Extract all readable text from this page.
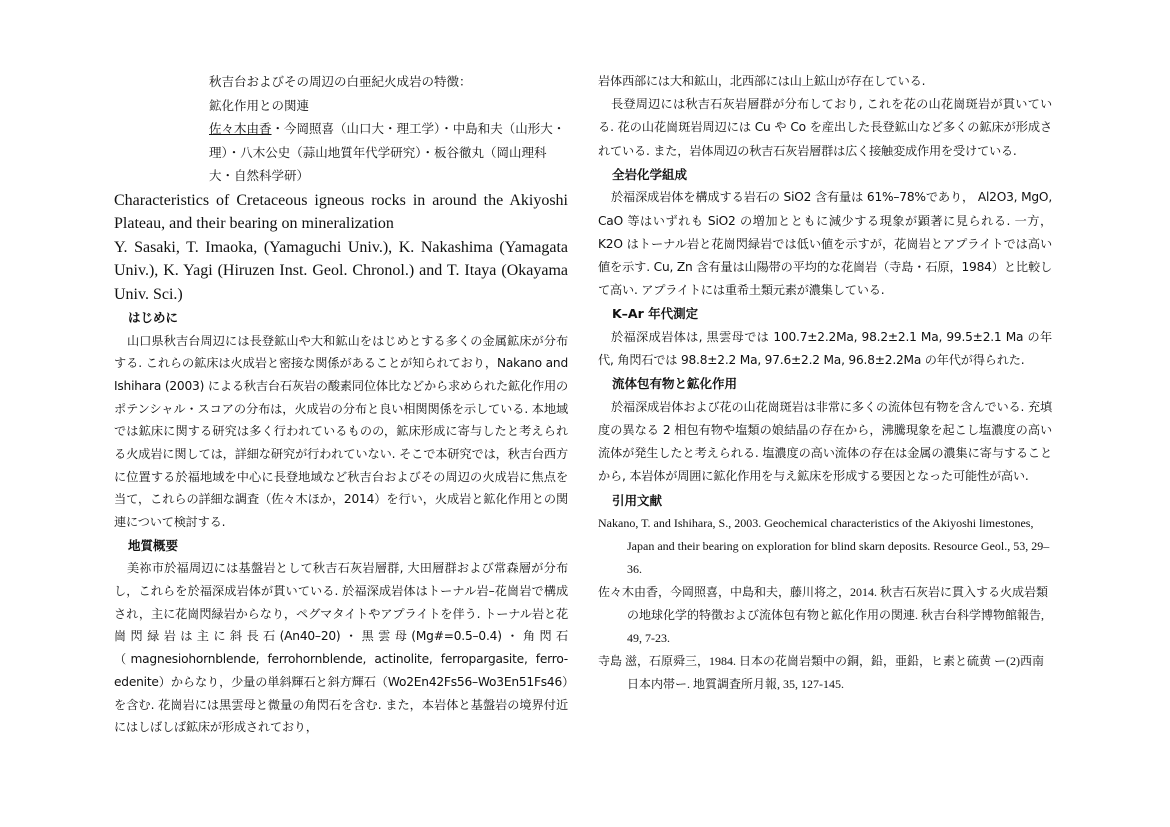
秋吉台およびその周辺の白亜紀火成岩の特徴：

鉱化作用との関連

佐々木由香・今岡照喜（山口大・理工学）・中島和夫（山形大・理）・八木公史（蒜山地質年代学研究）・板谷徹丸（岡山理科大・自然科学研）

Characteristics of Cretaceous igneous rocks in around the Akiyoshi Plateau, and their bearing on mineralization

Y. Sasaki, T. Imaoka, (Yamaguchi Univ.), K. Nakashima (Yamagata Univ.), K. Yagi (Hiruzen Inst. Geol. Chronol.) and T. Itaya (Okayama Univ. Sci.)

はじめに

山口県秋吉台周辺には長登鉱山や大和鉱山をはじめとする多くの金属鉱床が分布する. これらの鉱床は火成岩と密接な関係があることが知られており，Nakano and Ishihara (2003) による秋吉台石灰岩の酸素同位体比などから求められた鉱化作用のポテンシャル・スコアの分布は，火成岩の分布と良い相関関係を示している. 本地域では鉱床に関する研究は多く行われているものの，鉱床形成に寄与したと考えられる火成岩に関しては，詳細な研究が行われていない. そこで本研究では，秋吉台西方に位置する於福地域を中心に長登地域など秋吉台およびその周辺の火成岩に焦点を当て，これらの詳細な調査（佐々木ほか，2014）を行い，火成岩と鉱化作用との関連について検討する.

地質概要

美祢市於福周辺には基盤岩として秋吉石灰岩層群, 大田層群および常森層が分布し，これらを於福深成岩体が貫いている. 於福深成岩体はトーナル岩–花崗岩で構成され，主に花崗閃緑岩からなり，ペグマタイトやアプライトを伴う. トーナル岩と花崗閃緑岩は主に斜長石(An40–20)・黒雲母(Mg#=0.5–0.4)・角閃石（magnesiohornblende, ferrohornblende, actinolite, ferropargasite, ferro-edenite）からなり，少量の単斜輝石と斜方輝石（Wo2En42Fs56–Wo3En51Fs46）を含む. 花崗岩には黒雲母と微量の角閃石を含む. また，本岩体と基盤岩の境界付近にはしばしば鉱床が形成されており，

岩体西部には大和鉱山，北西部には山上鉱山が存在している.

長登周辺には秋吉石灰岩層群が分布しており, これを花の山花崗斑岩が貫いている. 花の山花崗斑岩周辺には Cu や Co を産出した長登鉱山など多くの鉱床が形成されている. また，岩体周辺の秋吉石灰岩層群は広く接触変成作用を受けている.

全岩化学組成

於福深成岩体を構成する岩石の SiO2 含有量は 61%–78%であり， Al2O3, MgO, CaO 等はいずれも SiO2 の増加とともに減少する現象が顕著に見られる. 一方，K2O はトーナル岩と花崗閃緑岩では低い値を示すが，花崗岩とアプライトでは高い値を示す. Cu, Zn 含有量は山陽帯の平均的な花崗岩（寺島・石原，1984）と比較して高い. アプライトには重希土類元素が濃集している.

K–Ar 年代測定

於福深成岩体は, 黒雲母では 100.7±2.2Ma, 98.2±2.1 Ma, 99.5±2.1 Ma の年代, 角閃石では 98.8±2.2 Ma, 97.6±2.2 Ma, 96.8±2.2Ma の年代が得られた.

流体包有物と鉱化作用

於福深成岩体および花の山花崗斑岩は非常に多くの流体包有物を含んでいる. 充填度の異なる 2 相包有物や塩類の娘結晶の存在から，沸騰現象を起こし塩濃度の高い流体が発生したと考えられる. 塩濃度の高い流体の存在は金属の濃集に寄与することから, 本岩体が周囲に鉱化作用を与え鉱床を形成する要因となった可能性が高い.

引用文献

Nakano, T. and Ishihara, S., 2003. Geochemical characteristics of the Akiyoshi limestones, Japan and their bearing on exploration for blind skarn deposits. Resource Geol., 53, 29–36.

佐々木由香，今岡照喜，中島和夫，藤川将之，2014. 秋吉石灰岩に貫入する火成岩類の地球化学的特徴および流体包有物と鉱化作用の関連. 秋吉台科学博物館報告, 49, 7-23.

寺島 滋，石原舜三，1984. 日本の花崗岩類中の銅，鉛，亜鉛，ヒ素と硫黄 ー(2)西南日本内帯ー. 地質調査所月報, 35, 127-145.
